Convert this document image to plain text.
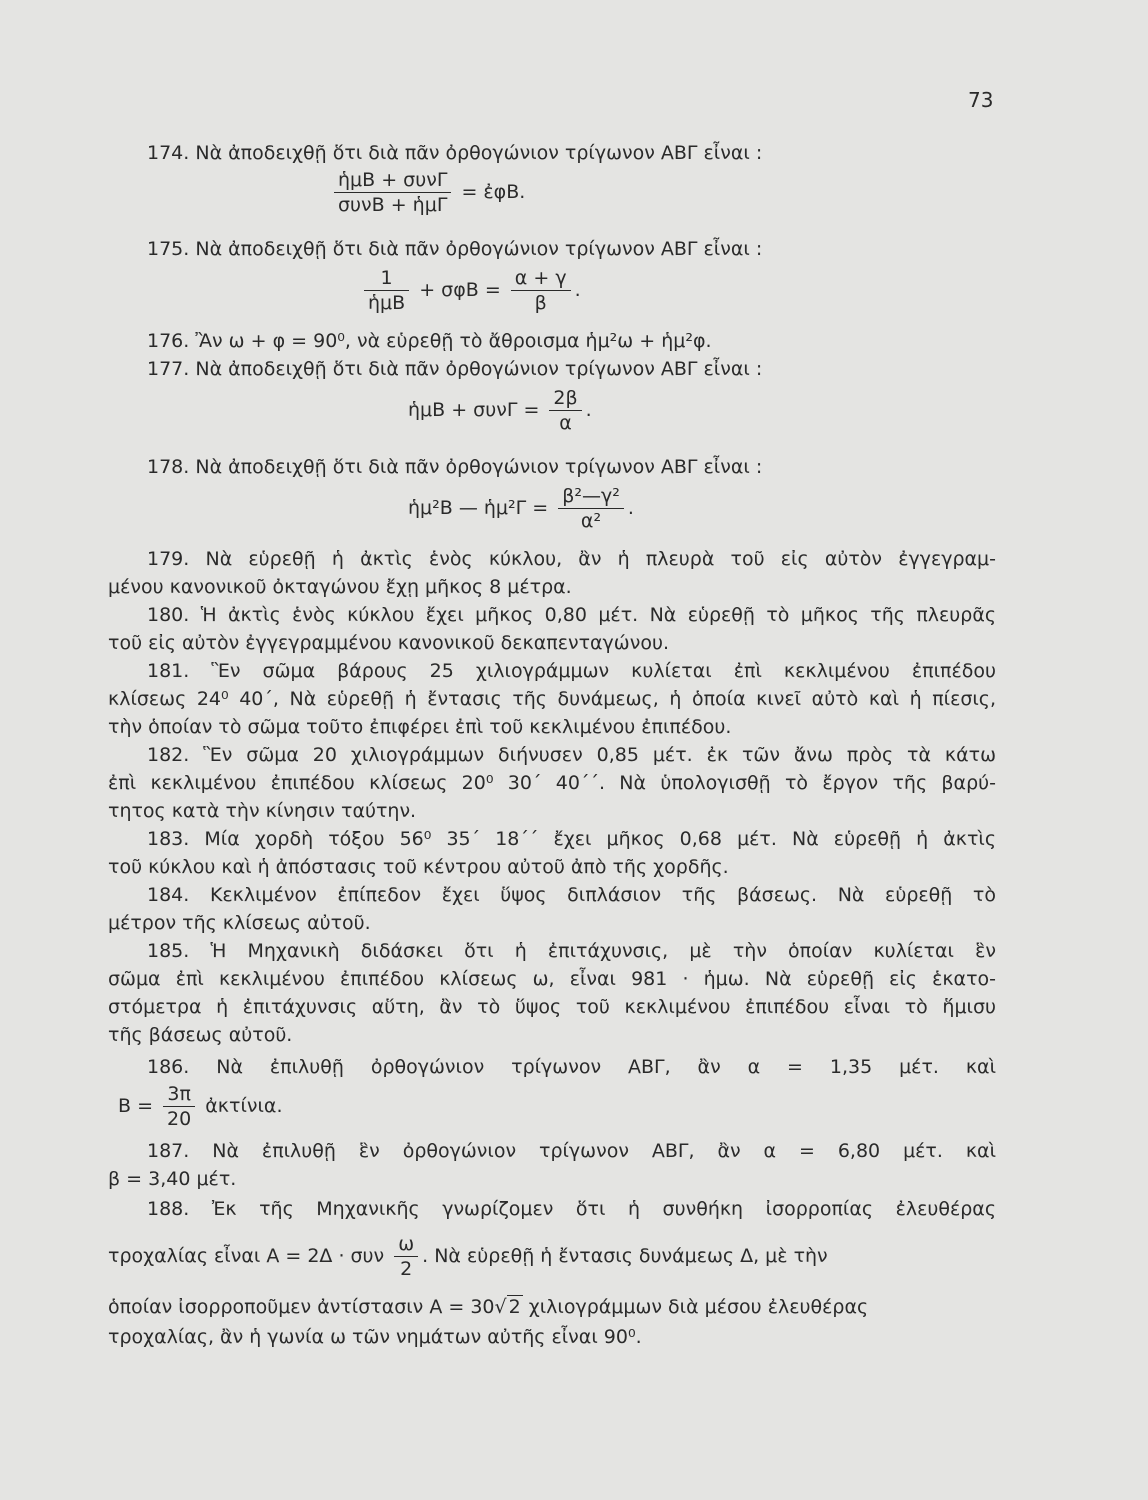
73
174. Νὰ ἀποδειχθῇ ὅτι διὰ πᾶν ὀρθογώνιον τρίγωνον ΑΒΓ εἶναι :
$\frac{\text{ἡμΒ + συνΓ}}{\text{συνΒ + ἡμΓ}}$ = ἐφΒ.
175. Νὰ ἀποδειχθῇ ὅτι διὰ πᾶν ὀρθογώνιον τρίγωνον ΑΒΓ εἶναι :
$\frac{1}{\text{ἡμΒ}} + \sigma\varphi B = \frac{\alpha + \gamma}{\beta}$ .
176. Ἂν ω + φ = 90⁰, νὰ εὑρεθῇ τὸ ἄθροισμα ἡμ²ω + ἡμ²φ.
177. Νὰ ἀποδειχθῇ ὅτι διὰ πᾶν ὀρθογώνιον τρίγωνον ΑΒΓ εἶναι :
ἡμΒ + $\sigma\upsilon\nu\Gamma = \frac{2\beta}{\alpha}$ .
178. Νὰ ἀποδειχθῇ ὅτι διὰ πᾶν ὀρθογώνιον τρίγωνον ΑΒΓ εἶναι :
ἡμ²Β — ἡμ²Γ = $\frac{\text{β²—γ²}}{\text{α²}}$ .
179. Νὰ εὑρεθῇ ἡ ἀκτὶς ἑνὸς κύκλου, ἂν ἡ πλευρὰ τοῦ εἰς αὐτὸν ἐγγεγραμ-
μένου κανονικοῦ ὀκταγώνου ἔχῃ μῆκος 8 μέτρα.
180. Ἡ ἀκτὶς ἑνὸς κύκλου ἔχει μῆκος 0,80 μέτ. Νὰ εὑρεθῇ τὸ μῆκος τῆς πλευρᾶς
τοῦ εἰς αὐτὸν ἐγγεγραμμένου κανονικοῦ δεκαπενταγώνου.
181. Ἓν σῶμα βάρους 25 χιλιογράμμων κυλίεται ἐπὶ κεκλιμένου ἐπιπέδου
κλίσεως 24⁰ 40΄, Νὰ εὑρεθῇ ἡ ἔντασις τῆς δυνάμεως, ἡ ὁποία κινεῖ αὐτὸ καὶ ἡ πίεσις,
τὴν ὁποίαν τὸ σῶμα τοῦτο ἐπιφέρει ἐπὶ τοῦ κεκλιμένου ἐπιπέδου.
182. Ἓν σῶμα 20 χιλιογράμμων διήνυσεν 0,85 μέτ. ἐκ τῶν ἄνω πρὸς τὰ κάτω
ἐπὶ κεκλιμένου ἐπιπέδου κλίσεως 20⁰ 30΄ 40΄΄. Νὰ ὑπολογισθῇ τὸ ἔργον τῆς βαρύ-
τητος κατὰ τὴν κίνησιν ταύτην.
183. Μία χορδὴ τόξου 56⁰ 35΄ 18΄΄ ἔχει μῆκος 0,68 μέτ. Νὰ εὑρεθῇ ἡ ἀκτὶς
τοῦ κύκλου καὶ ἡ ἀπόστασις τοῦ κέντρου αὐτοῦ ἀπὸ τῆς χορδῆς.
184. Κεκλιμένον ἐπίπεδον ἔχει ὕψος διπλάσιον τῆς βάσεως. Νὰ εὑρεθῇ τὸ
μέτρον τῆς κλίσεως αὐτοῦ.
185. Ἡ Μηχανικὴ διδάσκει ὅτι ἡ ἐπιτάχυνσις, μὲ τὴν ὁποίαν κυλίεται ἓν
σῶμα ἐπὶ κεκλιμένου ἐπιπέδου κλίσεως ω, εἶναι 981 · ἡμω. Νὰ εὑρεθῇ εἰς ἑκατο-
στόμετρα ἡ ἐπιτάχυνσις αὕτη, ἂν τὸ ὕψος τοῦ κεκλιμένου ἐπιπέδου εἶναι τὸ ἥμισυ
τῆς βάσεως αὐτοῦ.
186. Νὰ ἐπιλυθῇ ὀρθογώνιον τρίγωνον ΑΒΓ, ἂν α = 1,35 μέτ. καὶ
$B = \frac{3\pi}{20}$ ἀκτίνια.
187. Νὰ ἐπιλυθῇ ἓν ὀρθογώνιον τρίγωνον ΑΒΓ, ἂν α = 6,80 μέτ. καὶ
β = 3,40 μέτ.
188. Ἐκ τῆς Μηχανικῆς γνωρίζομεν ὅτι ἡ συνθήκη ἰσορροπίας ἐλευθέρας
τροχαλίας εἶναι Α = 2Δ · συν $\frac{\omega}{2}$ . Νὰ εὑρεθῇ ἡ ἔντασις δυνάμεως Δ, μὲ τὴν
ὁποίαν ἰσορροποῦμεν ἀντίστασιν Α = 30√ 2 χιλιογράμμων διὰ μέσου ἐλευθέρας
τροχαλίας, ἂν ἡ γωνία ω τῶν νημάτων αὐτῆς εἶναι 90⁰.
